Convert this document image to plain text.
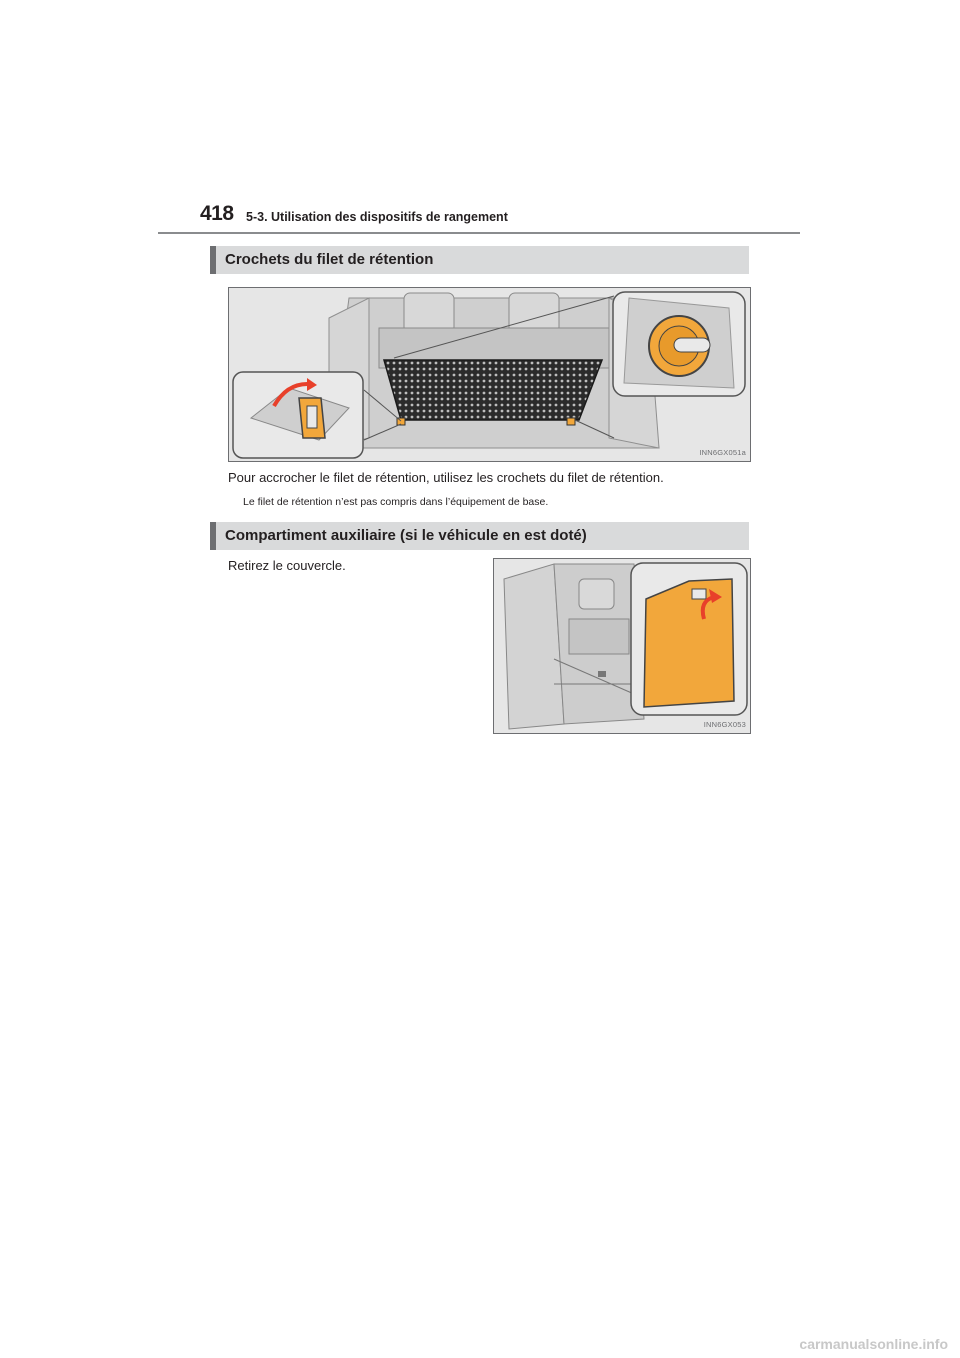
418 5-3. Utilisation des dispositifs de rangement
Crochets du filet de rétention
INN6GX051a
Pour accrocher le filet de rétention, utilisez les crochets du filet de rétention.
Le filet de rétention n’est pas compris dans l’équipement de base.
Compartiment auxiliaire (si le véhicule en est doté)
Retirez le couvercle.
INN6GX053
carmanualsonline.info
